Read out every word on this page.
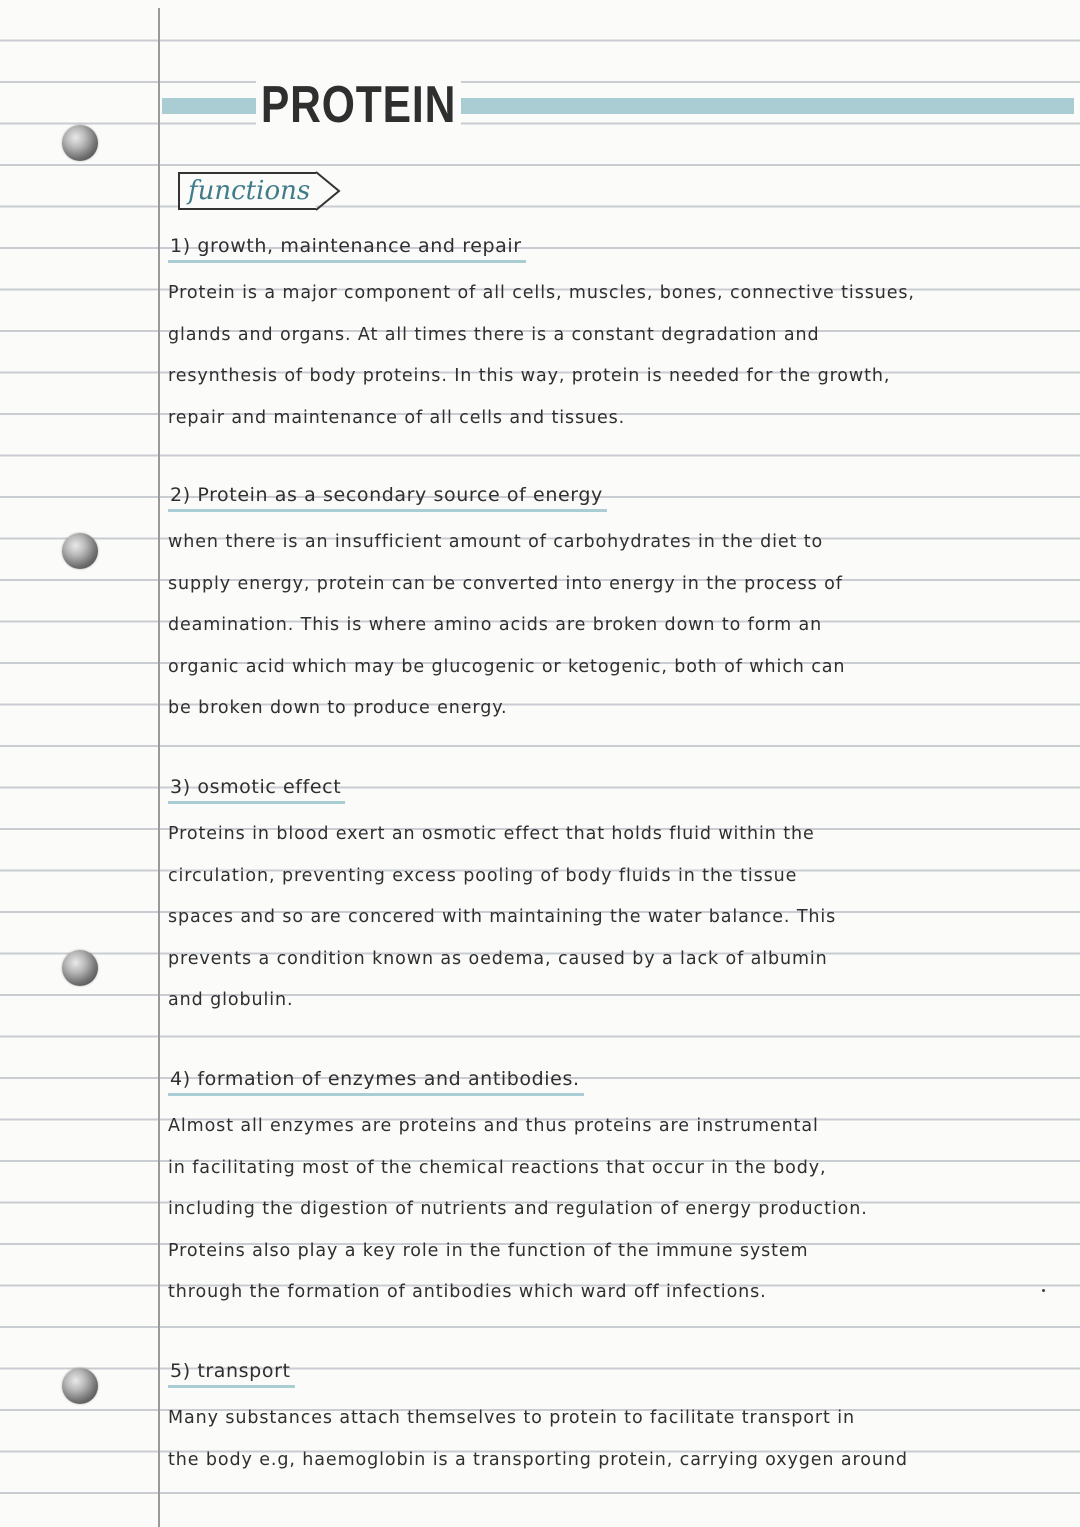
PROTEIN
functions
1) growth, maintenance and repair
Protein is a major component of all cells, muscles, bones, connective tissues,
glands and organs. At all times there is a constant degradation and
resynthesis of body proteins. In this way, protein is needed for the growth,
repair and maintenance of all cells and tissues.
2) Protein as a secondary source of energy
when there is an insufficient amount of carbohydrates in the diet to
supply energy, protein can be converted into energy in the process of
deamination. This is where amino acids are broken down to form an
organic acid which may be glucogenic or ketogenic, both of which can
be broken down to produce energy.
3) osmotic effect
Proteins in blood exert an osmotic effect that holds fluid within the
circulation, preventing excess pooling of body fluids in the tissue
spaces and so are concered with maintaining the water balance. This
prevents a condition known as oedema, caused by a lack of albumin
and globulin.
4) formation of enzymes and antibodies.
Almost all enzymes are proteins and thus proteins are instrumental
in facilitating most of the chemical reactions that occur in the body,
including the digestion of nutrients and regulation of energy production.
Proteins also play a key role in the function of the immune system
through the formation of antibodies which ward off infections.
5) transport
Many substances attach themselves to protein to facilitate transport in
the body e.g, haemoglobin is a transporting protein, carrying oxygen around
